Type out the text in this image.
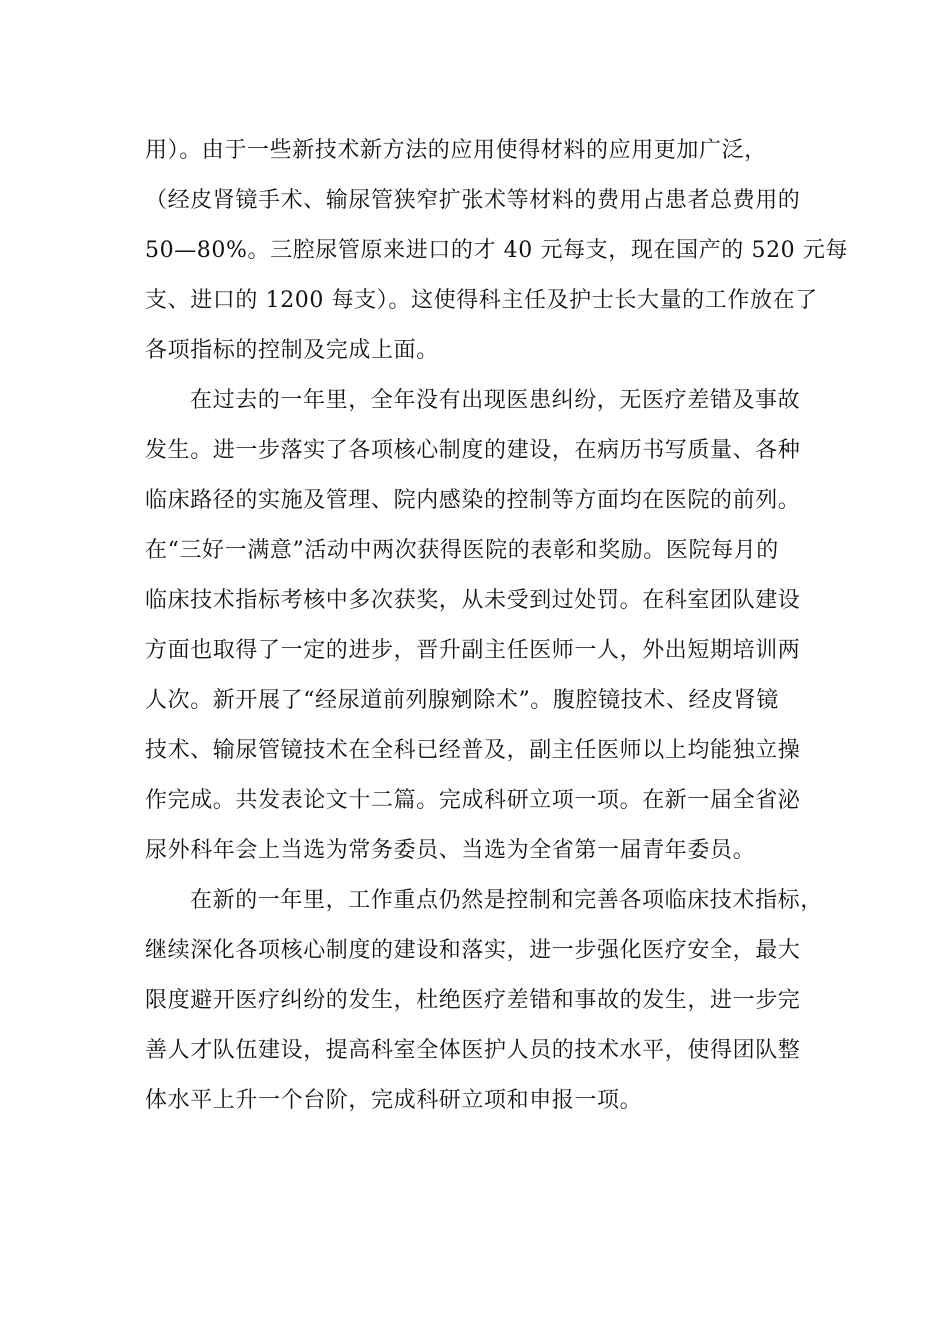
用）。由于一些新技术新方法的应用使得材料的应用更加广泛，
（经皮肾镜手术、输尿管狭窄扩张术等材料的费用占患者总费用的
50—80%。三腔尿管原来进口的才 40 元每支，现在国产的 520 元每
支、进口的 1200 每支）。这使得科主任及护士长大量的工作放在了
各项指标的控制及完成上面。
在过去的一年里，全年没有出现医患纠纷，无医疗差错及事故
发生。进一步落实了各项核心制度的建设，在病历书写质量、各种
临床路径的实施及管理、院内感染的控制等方面均在医院的前列。
在“三好一满意”活动中两次获得医院的表彰和奖励。医院每月的
临床技术指标考核中多次获奖，从未受到过处罚。在科室团队建设
方面也取得了一定的进步，晋升副主任医师一人，外出短期培训两
人次。新开展了“经尿道前列腺剜除术”。腹腔镜技术、经皮肾镜
技术、输尿管镜技术在全科已经普及，副主任医师以上均能独立操
作完成。共发表论文十二篇。完成科研立项一项。在新一届全省泌
尿外科年会上当选为常务委员、当选为全省第一届青年委员。
在新的一年里，工作重点仍然是控制和完善各项临床技术指标，
继续深化各项核心制度的建设和落实，进一步强化医疗安全，最大
限度避开医疗纠纷的发生，杜绝医疗差错和事故的发生，进一步完
善人才队伍建设，提高科室全体医护人员的技术水平，使得团队整
体水平上升一个台阶，完成科研立项和申报一项。
